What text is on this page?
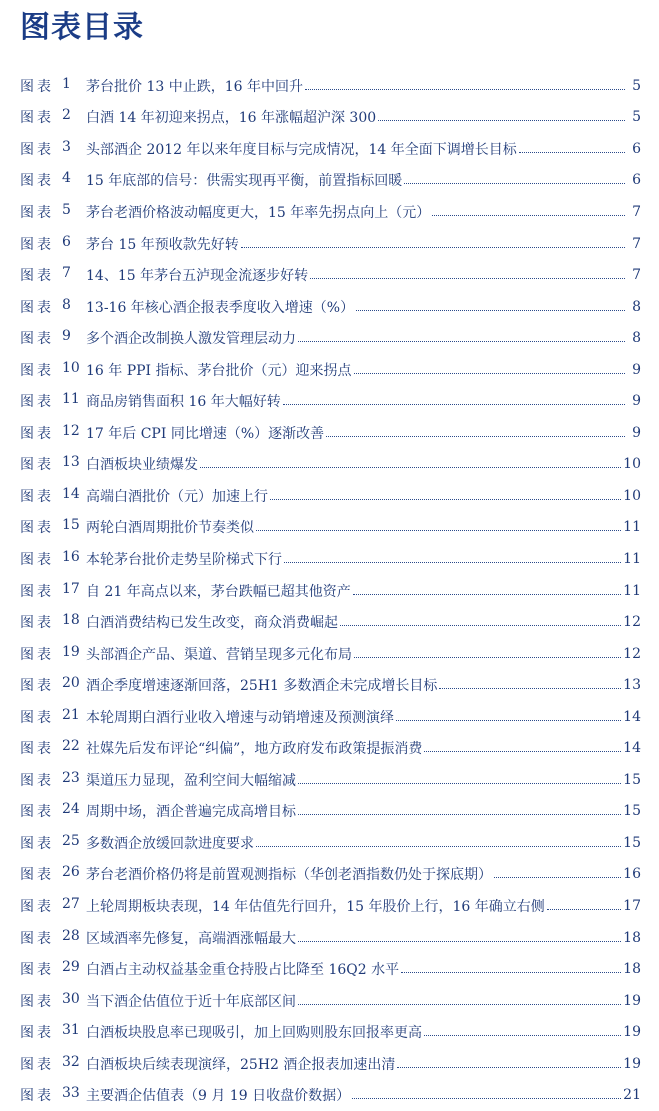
图表目录
图表 1	茅台批价 13 中止跌，16 年中回升	5
图表 2	白酒 14 年初迎来拐点，16 年涨幅超沪深 300	5
图表 3	头部酒企 2012 年以来年度目标与完成情况，14 年全面下调增长目标	6
图表 4	15 年底部的信号：供需实现再平衡，前置指标回暖	6
图表 5	茅台老酒价格波动幅度更大，15 年率先拐点向上（元）	7
图表 6	茅台 15 年预收款先好转	7
图表 7	14、15 年茅台五泸现金流逐步好转	7
图表 8	13-16 年核心酒企报表季度收入增速（%）	8
图表 9	多个酒企改制换人激发管理层动力	8
图表 10 16 年 PPI 指标、茅台批价（元）迎来拐点	9
图表 11 商品房销售面积 16 年大幅好转	9
图表 12 17 年后 CPI 同比增速（%）逐渐改善	9
图表 13 白酒板块业绩爆发	10
图表 14 高端白酒批价（元）加速上行	10
图表 15 两轮白酒周期批价节奏类似	11
图表 16 本轮茅台批价走势呈阶梯式下行	11
图表 17 自 21 年高点以来，茅台跌幅已超其他资产	11
图表 18 白酒消费结构已发生改变，商众消费崛起	12
图表 19 头部酒企产品、渠道、营销呈现多元化布局	12
图表 20 酒企季度增速逐渐回落，25H1 多数酒企未完成增长目标	13
图表 21 本轮周期白酒行业收入增速与动销增速及预测演绎	14
图表 22 社媒先后发布评论“纠偏”，地方政府发布政策提振消费	14
图表 23 渠道压力显现，盈利空间大幅缩减	15
图表 24 周期中场，酒企普遍完成高增目标	15
图表 25 多数酒企放缓回款进度要求	15
图表 26 茅台老酒价格仍将是前置观测指标（华创老酒指数仍处于探底期）	16
图表 27 上轮周期板块表现，14 年估值先行回升，15 年股价上行，16 年确立右侧	17
图表 28 区域酒率先修复，高端酒涨幅最大	18
图表 29 白酒占主动权益基金重仓持股占比降至 16Q2 水平	18
图表 30 当下酒企估值位于近十年底部区间	19
图表 31 白酒板块股息率已现吸引，加上回购则股东回报率更高	19
图表 32 白酒板块后续表现演绎，25H2 酒企报表加速出清	19
图表 33 主要酒企估值表（9 月 19 日收盘价数据）	21
